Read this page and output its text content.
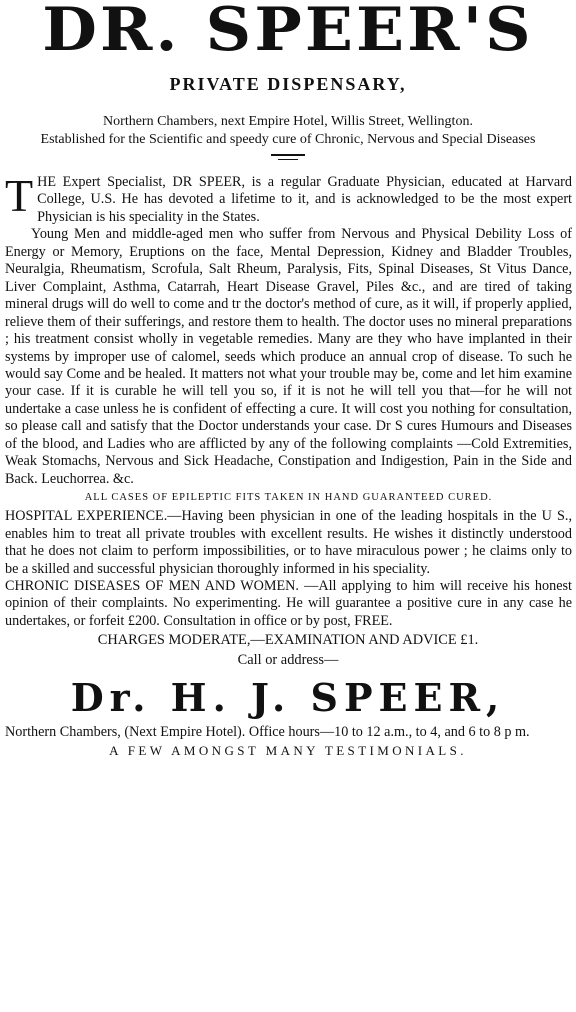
DR. SPEER'S
PRIVATE DISPENSARY,
Northern Chambers, next Empire Hotel, Willis Street, Wellington.
Established for the Scientific and speedy cure of Chronic, Nervous and Special Diseases

THE Expert Specialist, DR SPEER, is a regular Graduate Physician, educated at Harvard College, U.S. He has devoted a lifetime to it, and is acknowledged to be the most expert Physician is his speciality in the States.

Young Men and middle-aged men who suffer from Nervous and Physical Debility Loss of Energy or Memory, Eruptions on the face, Mental Depression, Kidney and Bladder Troubles, Neuralgia, Rheumatism, Scrofula, Salt Rheum, Paralysis, Fits, Spinal Diseases, St Vitus Dance, Liver Complaint, Asthma, Catarrah, Heart Disease Gravel, Piles &c., and are tired of taking mineral drugs will do well to come and tr the doctor's method of cure, as it will, if properly applied, relieve them of their sufferings, and restore them to health. The doctor uses no mineral preparations ; his treatment consist wholly in vegetable remedies. Many are they who have implanted in their systems by improper use of calomel, seeds which produce an annual crop of disease. To such he would say Come and be healed. It matters not what your trouble may be, come and let him examine your case. If it is curable he will tell you so, if it is not he will tell you that—for he will not undertake a case unless he is confident of effecting a cure. It will cost you nothing for consultation, so please call and satisfy that the Doctor understands your case. Dr S cures Humours and Diseases of the blood, and Ladies who are afflicted by any of the following complaints —Cold Extremities, Weak Stomachs, Nervous and Sick Headache, Constipation and Indigestion, Pain in the Side and Back. Leuchorrea. &c.

ALL CASES OF EPILEPTIC FITS TAKEN IN HAND GUARANTEED CURED.

HOSPITAL EXPERIENCE.—Having been physician in one of the leading hospitals in the U S., enables him to treat all private troubles with excellent results. He wishes it distinctly understood that he does not claim to perform impossibilities, or to have miraculous power ; he claims only to be a skilled and successful physician thoroughly informed in his speciality.

CHRONIC DISEASES OF MEN AND WOMEN. —All applying to him will receive his honest opinion of their complaints. No experimenting. He will guarantee a positive cure in any case he undertakes, or forfeit £200. Consultation in office or by post, FREE.

CHARGES MODERATE,—EXAMINATION AND ADVICE £1.
Call or address—
Dr. H. J. SPEER,
Northern Chambers, (Next Empire Hotel). Office hours—10 to 12 a.m., to 4, and 6 to 8 p m.
A FEW AMONGST MANY TESTIMONIALS.
